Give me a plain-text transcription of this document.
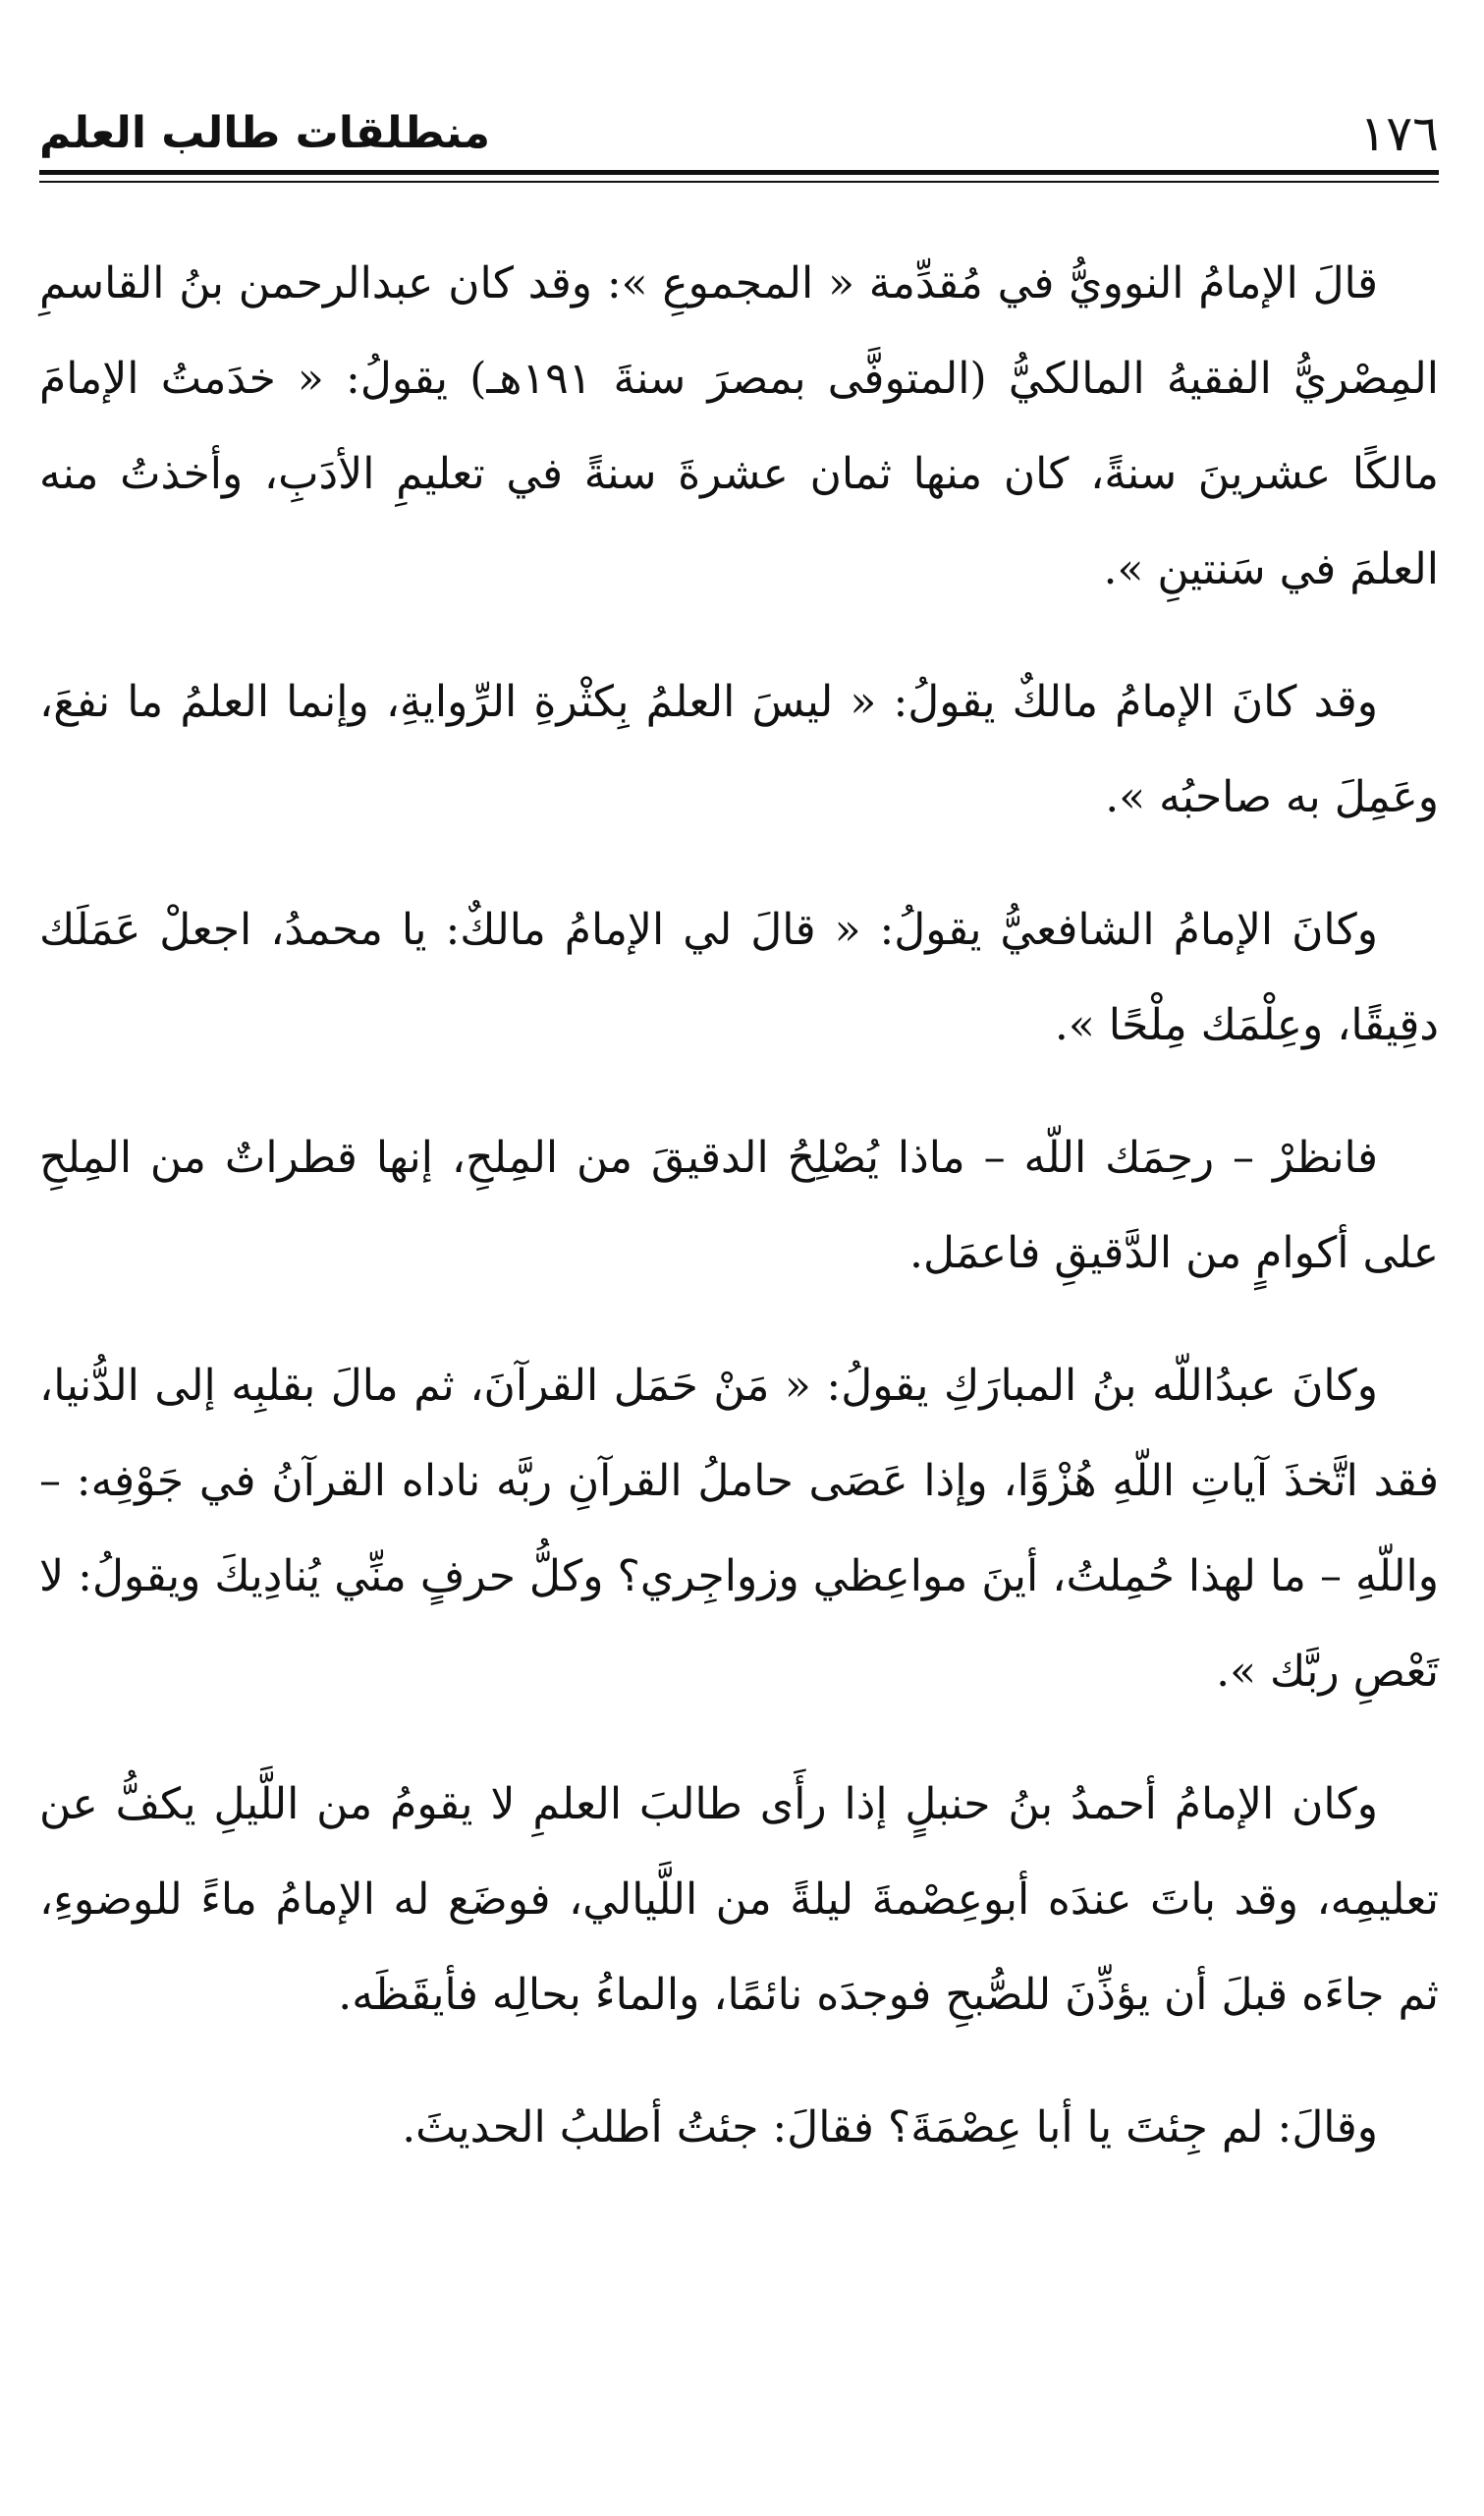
١٧٦
منطلقات طالب العلم

قالَ الإمامُ النوويُّ في مُقدِّمة « المجموعِ »: وقد كان عبدالرحمن بنُ القاسمِ المِصْريُّ الفقيهُ المالكيُّ (المتوفَّى بمصرَ سنةَ ١٩١هـ) يقولُ: « خدَمتُ الإمامَ مالكًا عشرينَ سنةً، كان منها ثمان عشرةَ سنةً في تعليمِ الأدَبِ، وأخذتُ منه العلمَ في سَنتينِ ».

وقد كانَ الإمامُ مالكٌ يقولُ: « ليسَ العلمُ بِكثْرةِ الرِّوايةِ، وإنما العلمُ ما نفعَ، وعَمِلَ به صاحبُه ».

وكانَ الإمامُ الشافعيُّ يقولُ: « قالَ لي الإمامُ مالكٌ: يا محمدُ، اجعلْ عَمَلَك دقِيقًا، وعِلْمَك مِلْحًا ».

فانظرْ – رحِمَك اللّه – ماذا يُصْلِحُ الدقيقَ من المِلحِ، إنها قطراتٌ من المِلحِ على أكوامٍ من الدَّقيقِ فاعمَل.

وكانَ عبدُاللّه بنُ المبارَكِ يقولُ: « مَنْ حَمَل القرآنَ، ثم مالَ بقلبِه إلى الدُّنيا، فقد اتَّخذَ آياتِ اللّهِ هُزْوًا، وإذا عَصَى حاملُ القرآنِ ربَّه ناداه القرآنُ في جَوْفِه: – واللّهِ – ما لهذا حُمِلتُ، أينَ مواعِظي وزواجِري؟ وكلُّ حرفٍ منِّي يُنادِيكَ ويقولُ: لا تَعْصِ ربَّك ».

وكان الإمامُ أحمدُ بنُ حنبلٍ إذا رأَى طالبَ العلمِ لا يقومُ من اللَّيلِ يكفُّ عن تعليمِه، وقد باتَ عندَه أبوعِصْمةَ ليلةً من اللَّيالي، فوضَع له الإمامُ ماءً للوضوءِ، ثم جاءَه قبلَ أن يؤذِّنَ للصُّبحِ فوجدَه نائمًا، والماءُ بحالِه فأيقَظَه.

وقالَ: لم جِئتَ يا أبا عِصْمَةَ؟ فقالَ: جئتُ أطلبُ الحديثَ.
